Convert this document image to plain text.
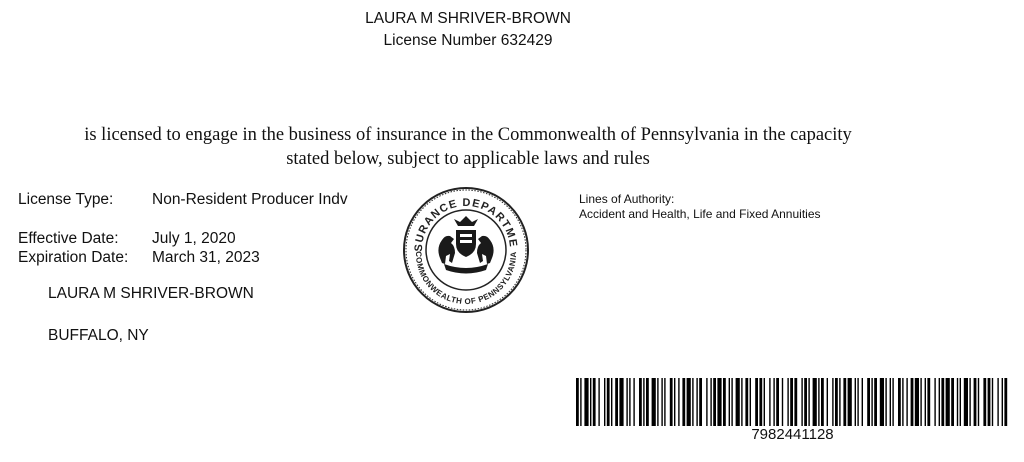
LAURA M SHRIVER-BROWN
License Number 632429
is licensed to engage in the business of insurance in the Commonwealth of Pennsylvania in the capacity
stated below, subject to applicable laws and rules
License Type: Non-Resident Producer Indv
Effective Date: July 1, 2020
Expiration Date: March 31, 2023
LAURA M SHRIVER-BROWN
BUFFALO, NY
Lines of Authority:
Accident and Health, Life and Fixed Annuities
SURANCE DEPARTME
COMMONWEALTH OF PENNSYLVANIA
7982441128
